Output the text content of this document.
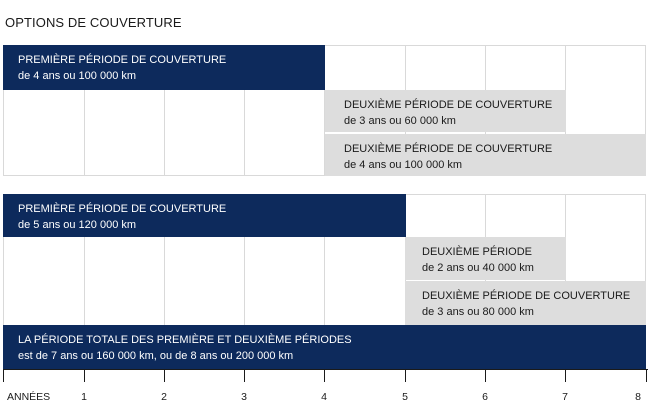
OPTIONS DE COUVERTURE
PREMIÈRE PÉRIODE DE COUVERTURE
de 4 ans ou 100 000 km
DEUXIÈME PÉRIODE DE COUVERTURE
de 3 ans ou 60 000 km
DEUXIÈME PÉRIODE DE COUVERTURE
de 4 ans ou 100 000 km
PREMIÈRE PÉRIODE DE COUVERTURE
de 5 ans ou 120 000 km
DEUXIÈME PÉRIODE
de 2 ans ou 40 000 km
DEUXIÈME PÉRIODE DE COUVERTURE
de 3 ans ou 80 000 km
LA PÉRIODE TOTALE DES PREMIÈRE ET DEUXIÈME PÉRIODES
est de 7 ans ou 160 000 km, ou de 8 ans ou 200 000 km
ANNÉES	1	2	3	4	5	6	7	8
